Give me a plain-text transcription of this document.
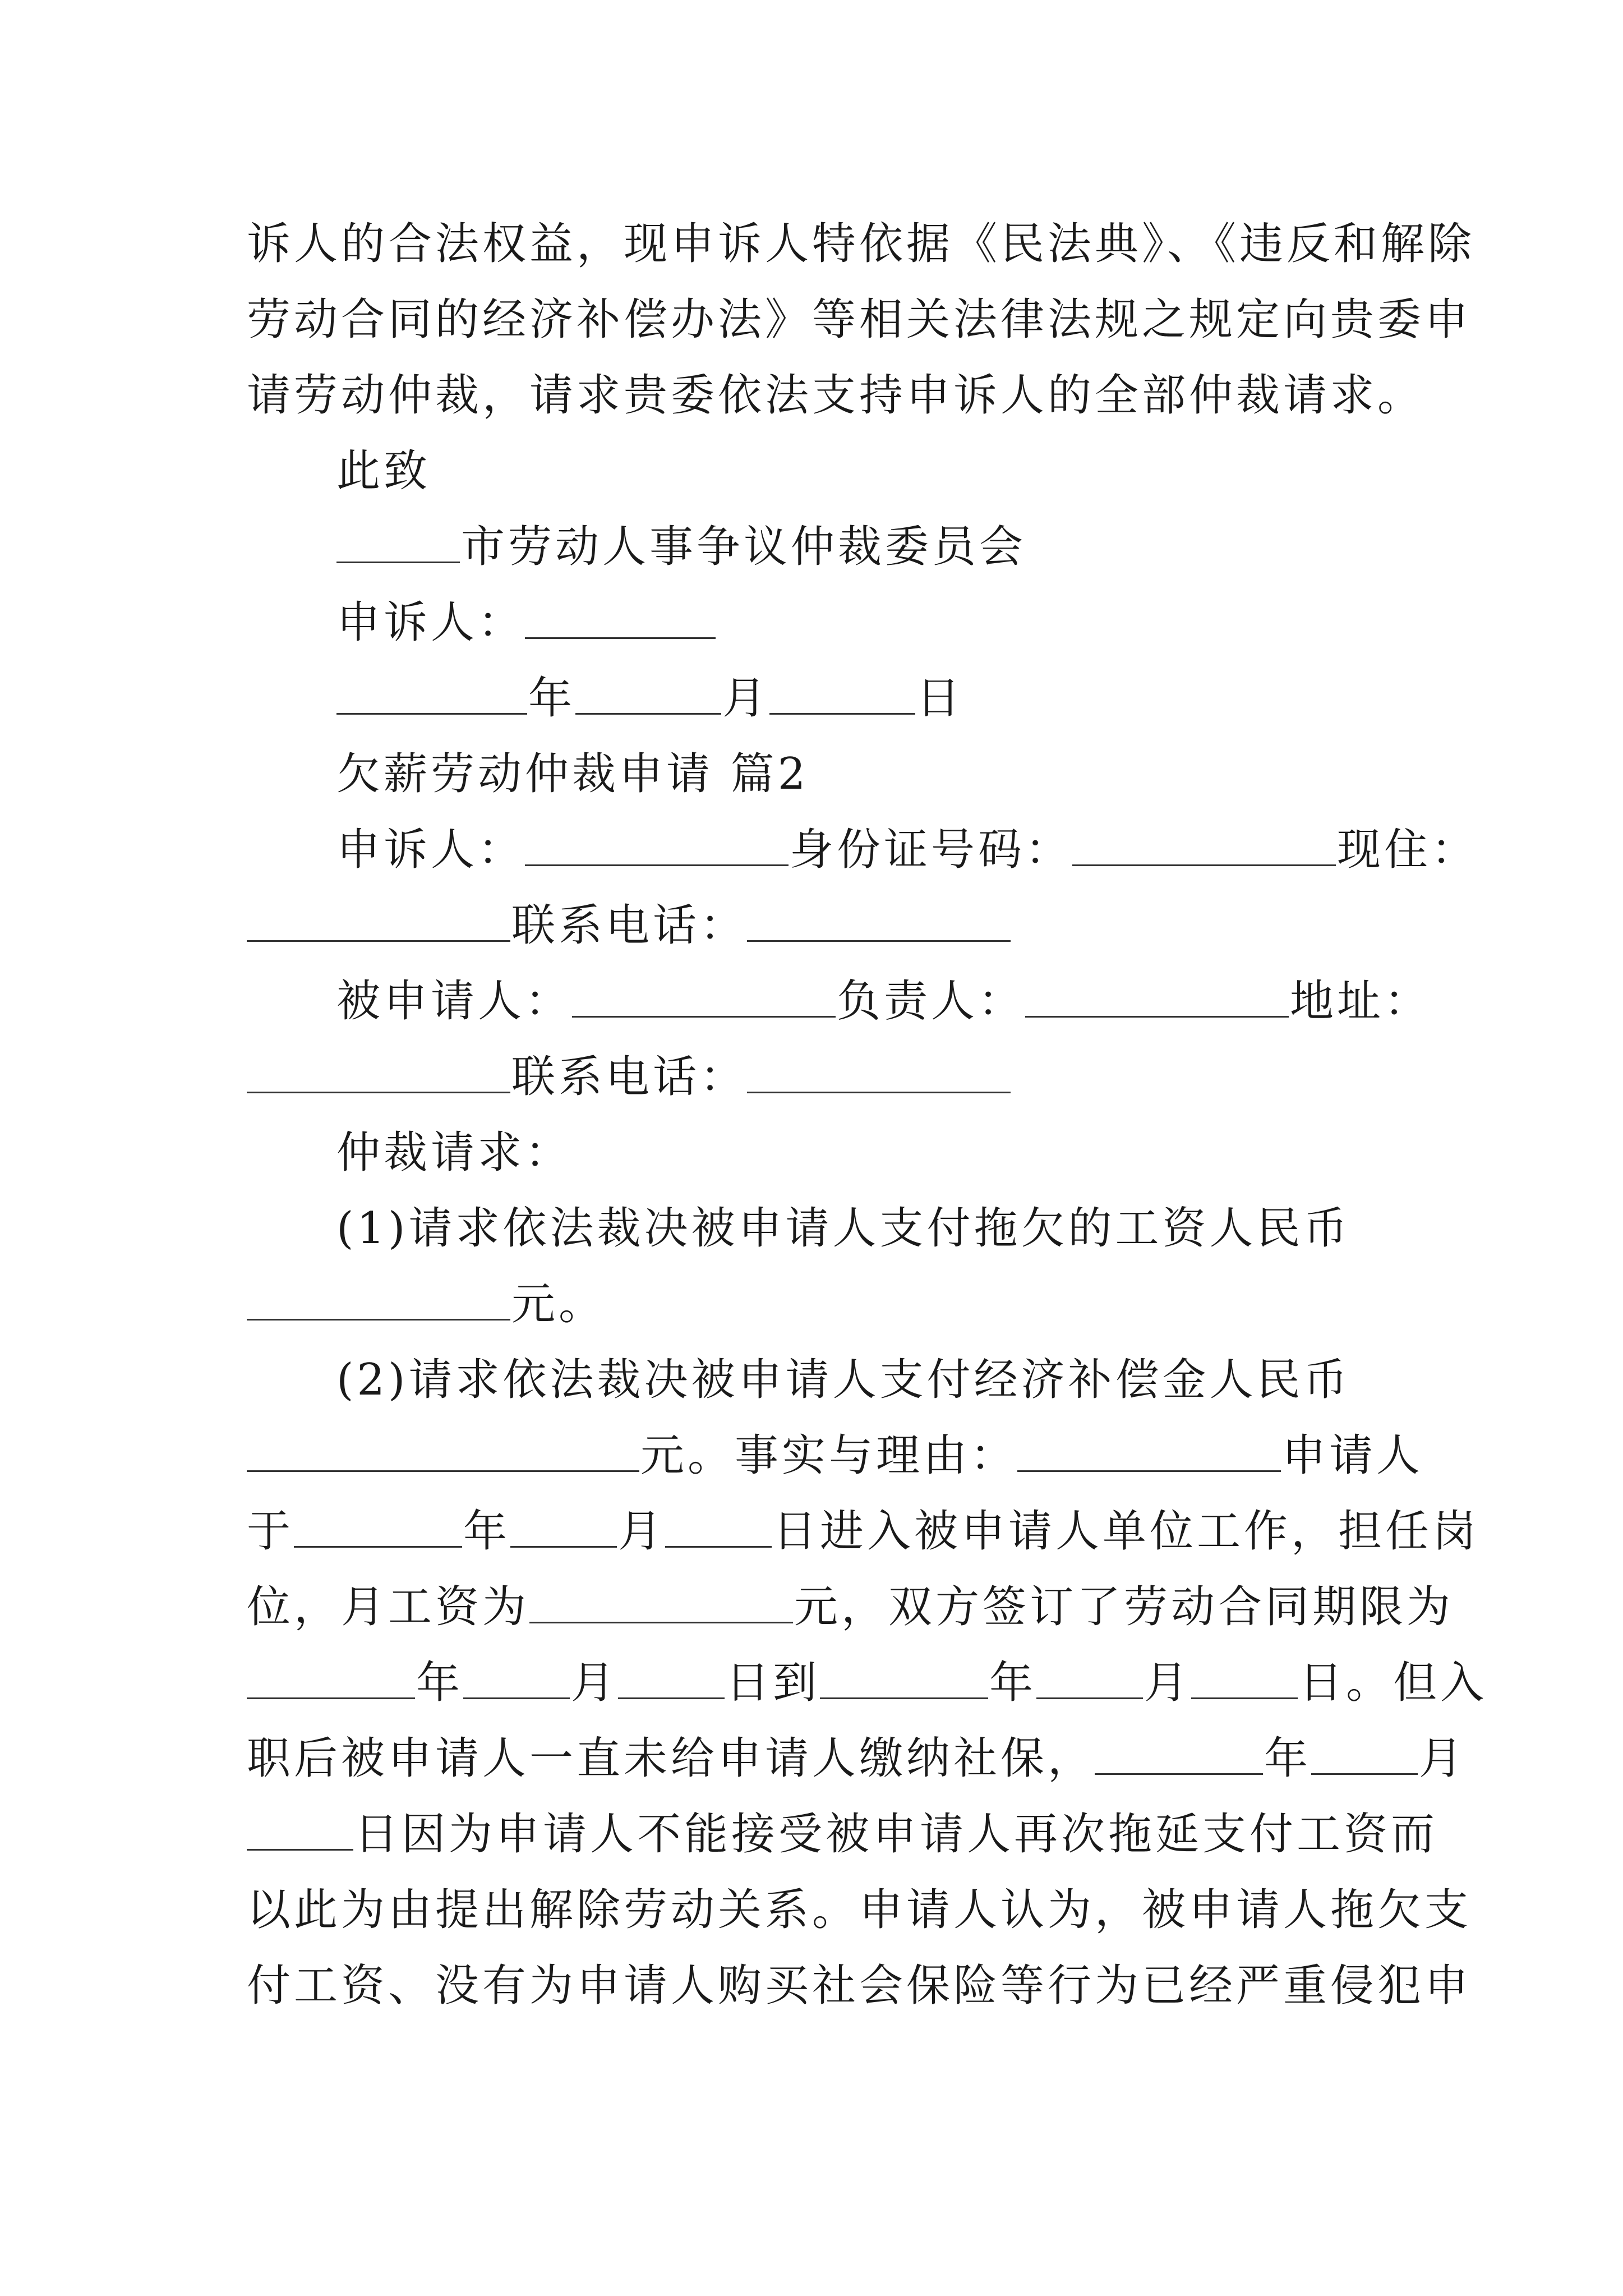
诉人的合法权益，现申诉人特依据《民法典》、《违反和解除
劳动合同的经济补偿办法》等相关法律法规之规定向贵委申
请劳动仲裁，请求贵委依法支持申诉人的全部仲裁请求。
此致
市劳动人事争议仲裁委员会
申诉人：
年	月	日
欠薪劳动仲裁申请 篇2
申诉人：	身份证号码：	现住：
联系电话：
被申请人：	负责人：	地址：
联系电话：
仲裁请求：
(1)请求依法裁决被申请人支付拖欠的工资人民币
元。
(2)请求依法裁决被申请人支付经济补偿金人民币
元。事实与理由：	申请人
于	年 月 日进入被申请人单位工作，担任岗
位，月工资为	元，双方签订了劳动合同期限为
年 月 日到	年 月 日。但入
职后被申请人一直未给申请人缴纳社保，	年 月
日因为申请人不能接受被申请人再次拖延支付工资而
以此为由提出解除劳动关系。申请人认为，被申请人拖欠支
付工资、没有为申请人购买社会保险等行为已经严重侵犯申
